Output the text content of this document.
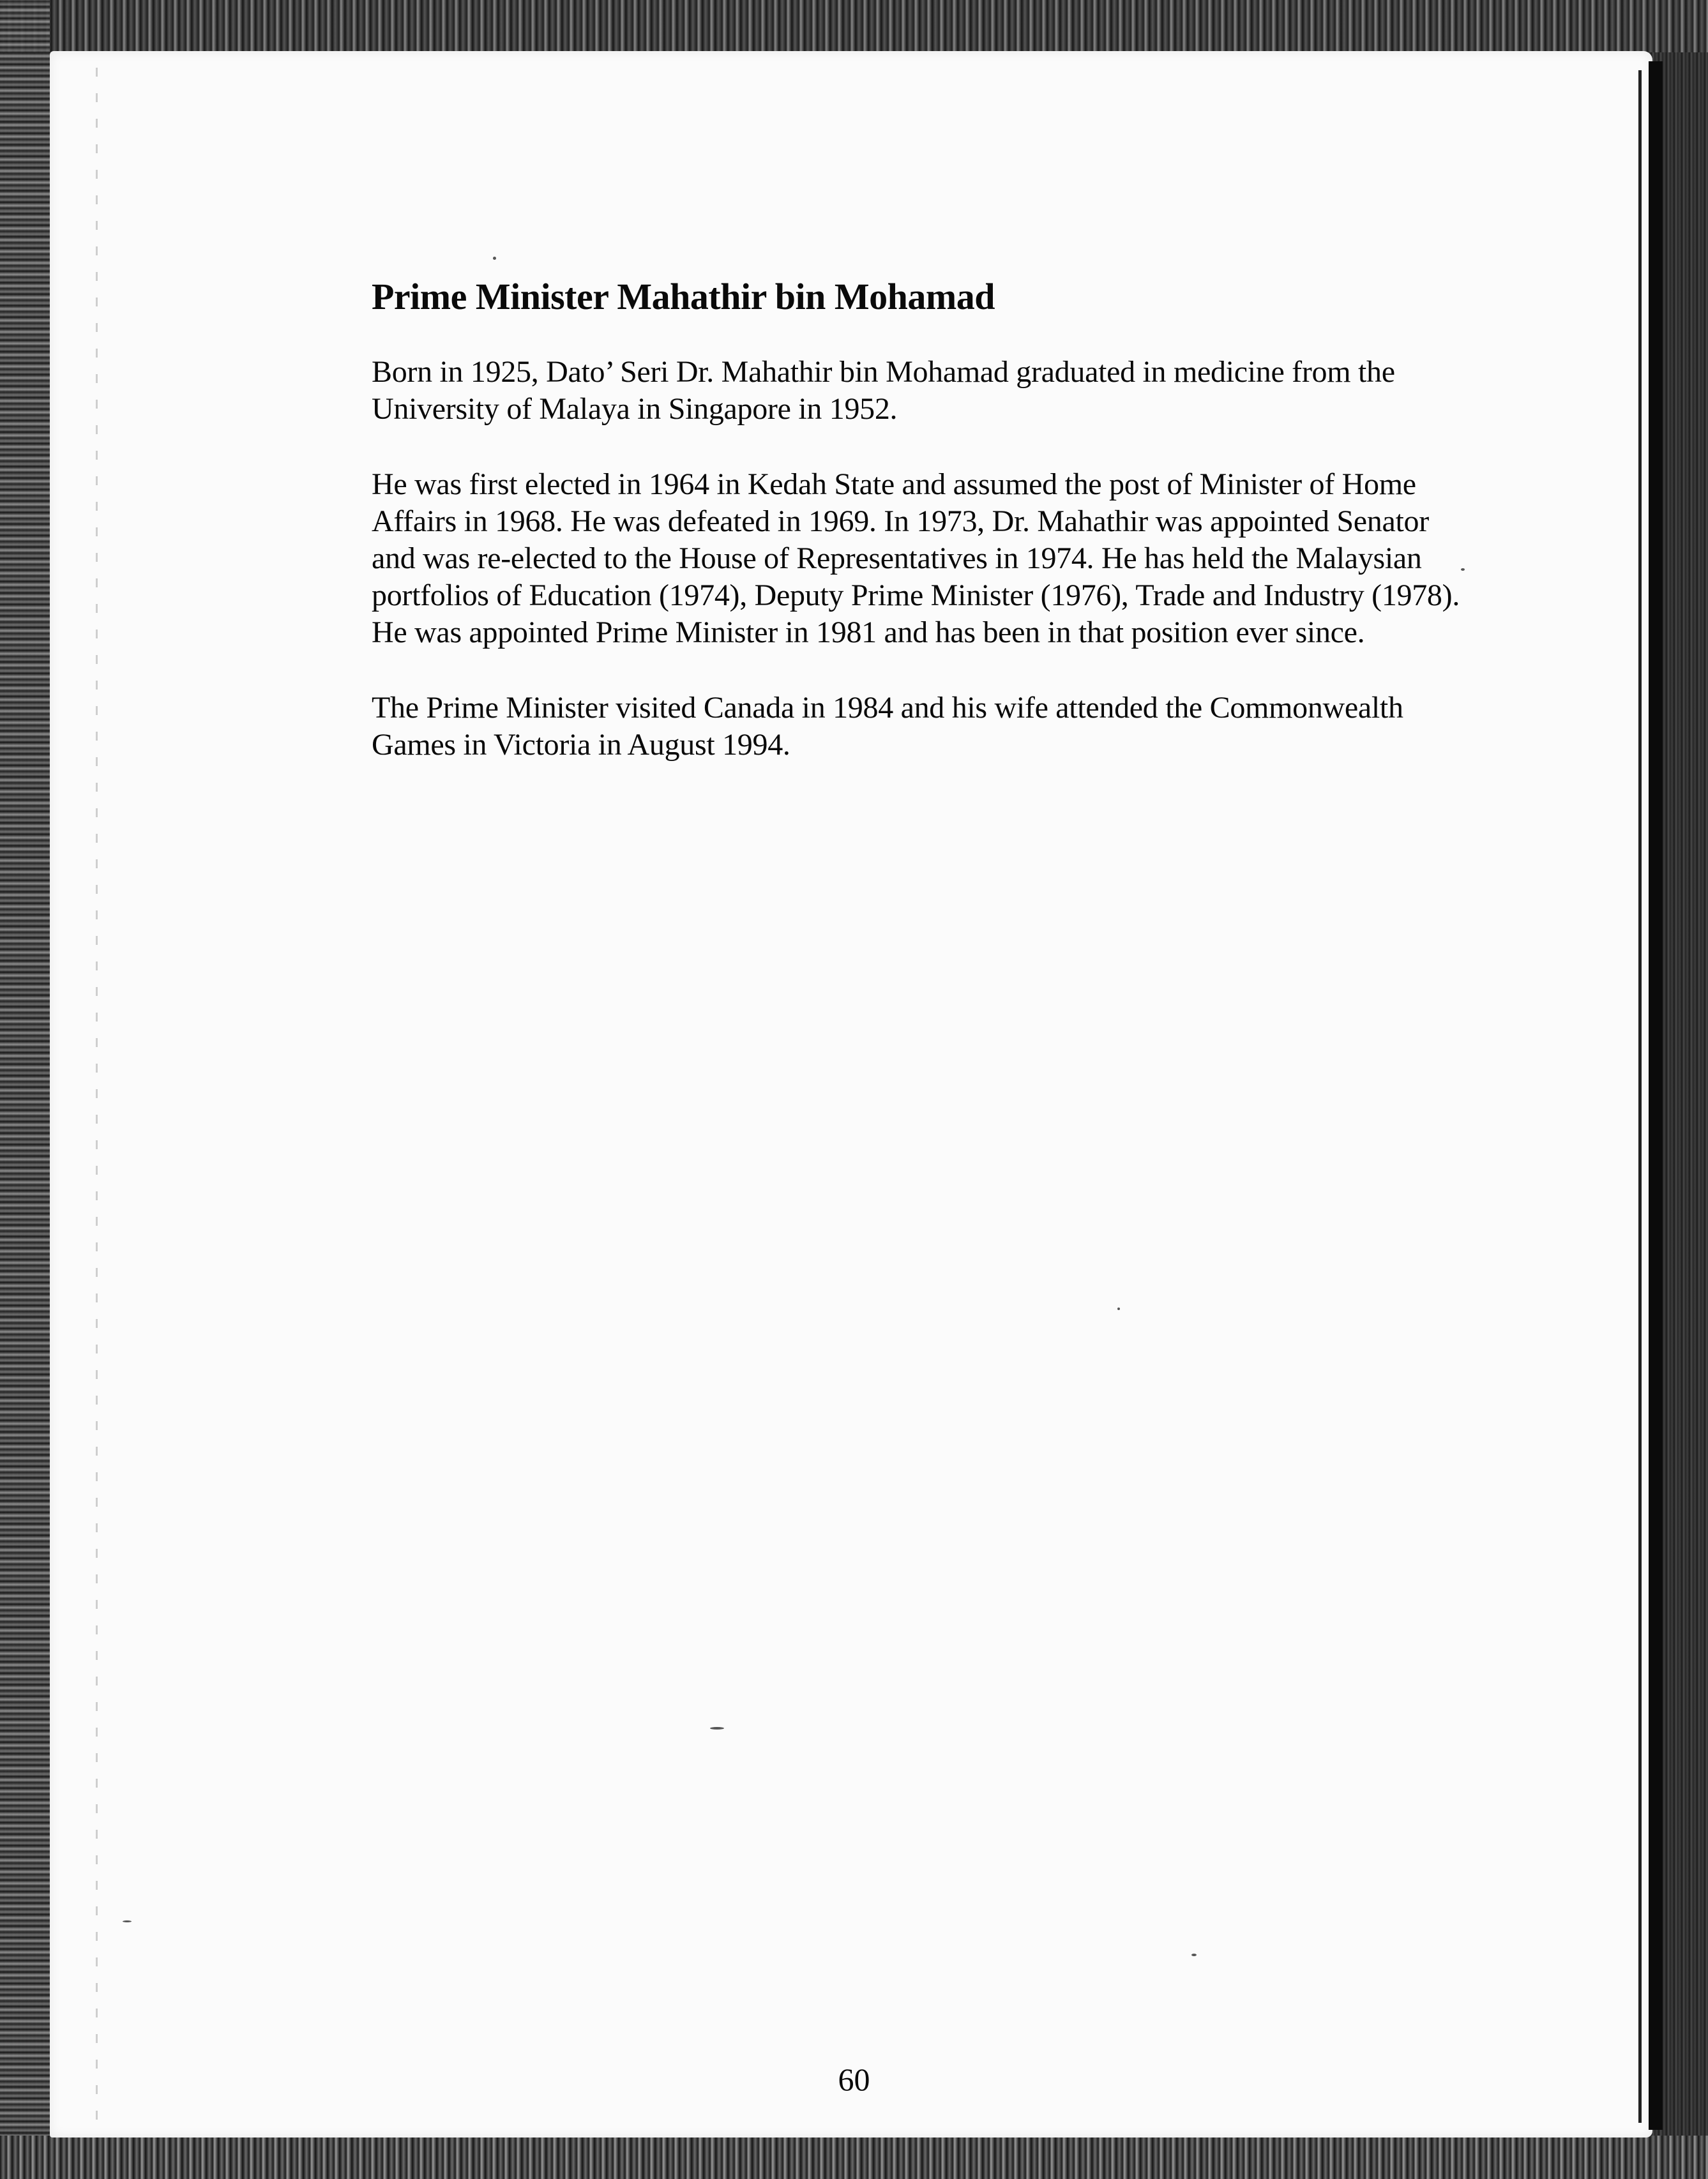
Prime Minister Mahathir bin Mohamad

Born in 1925, Dato’ Seri Dr. Mahathir bin Mohamad graduated in medicine from the University of Malaya in Singapore in 1952.

He was first elected in 1964 in Kedah State and assumed the post of Minister of Home Affairs in 1968. He was defeated in 1969. In 1973, Dr. Mahathir was appointed Senator and was re-elected to the House of Representatives in 1974. He has held the Malaysian portfolios of Education (1974), Deputy Prime Minister (1976), Trade and Industry (1978). He was appointed Prime Minister in 1981 and has been in that position ever since.

The Prime Minister visited Canada in 1984 and his wife attended the Commonwealth Games in Victoria in August 1994.

60
